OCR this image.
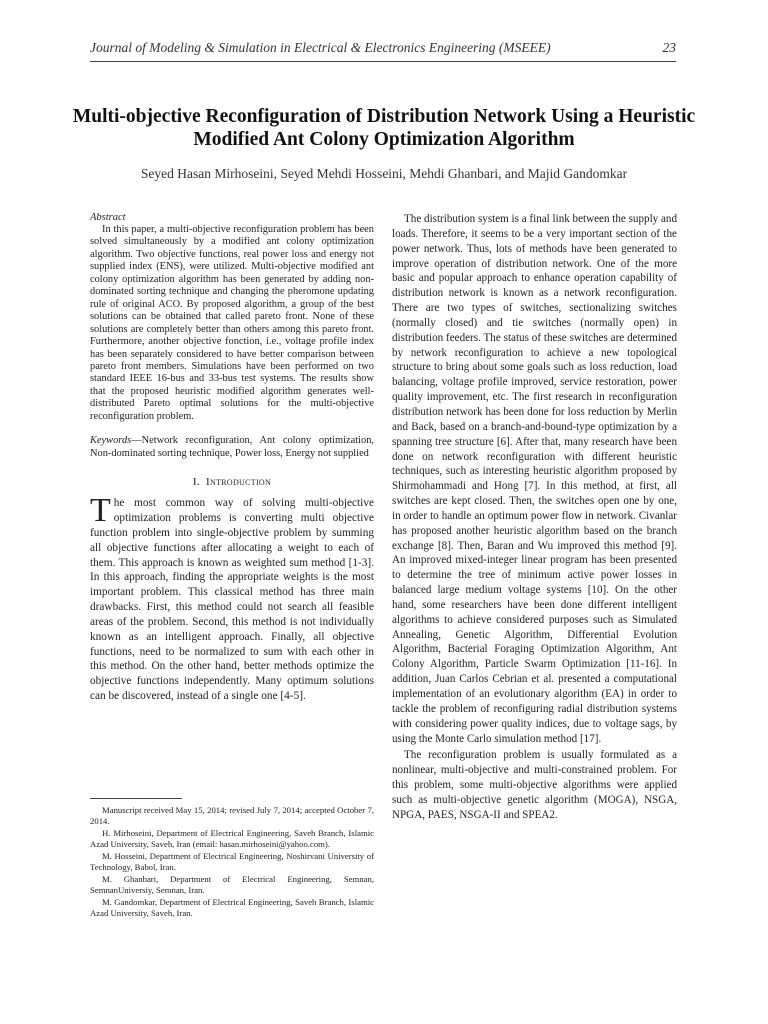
Journal of Modeling & Simulation in Electrical & Electronics Engineering (MSEEE)	23
Multi-objective Reconfiguration of Distribution Network Using a Heuristic Modified Ant Colony Optimization Algorithm
Seyed Hasan Mirhoseini, Seyed Mehdi Hosseini, Mehdi Ghanbari, and Majid Gandomkar
Abstract

In this paper, a multi-objective reconfiguration problem has been solved simultaneously by a modified ant colony optimization algorithm. Two objective functions, real power loss and energy not supplied index (ENS), were utilized. Multi-objective modified ant colony optimization algorithm has been generated by adding non-dominated sorting technique and changing the pheromone updating rule of original ACO. By proposed algorithm, a group of the best solutions can be obtained that called pareto front. None of these solutions are completely better than others among this pareto front. Furthermore, another objective fonction, i.e., voltage profile index has been separately considered to have better comparison between pareto front members. Simulations have been performed on two standard IEEE 16-bus and 33-bus test systems. The results show that the proposed heuristic modified algorithm generates well-distributed Pareto optimal solutions for the multi-objective reconfiguration problem.

Keywords—Network reconfiguration, Ant colony optimization, Non-dominated sorting technique, Power loss, Energy not supplied
I. Introduction

The most common way of solving multi-objective optimization problems is converting multi objective function problem into single-objective problem by summing all objective functions after allocating a weight to each of them. This approach is known as weighted sum method [1-3]. In this approach, finding the appropriate weights is the most important problem. This classical method has three main drawbacks. First, this method could not search all feasible areas of the problem. Second, this method is not individually known as an intelligent approach. Finally, all objective functions, need to be normalized to sum with each other in this method. On the other hand, better methods optimize the objective functions independently. Many optimum solutions can be discovered, instead of a single one [4-5].

Manuscript received May 15, 2014; revised July 7, 2014; accepted October 7, 2014.

H. Mirhoseini, Department of Electrical Engineering, Saveh Branch, Islamic Azad University, Saveh, Iran (email: hasan.mirhoseini@yahoo.com).

M. Hosseini, Department of Electrical Engineering, Noshirvani University of Technology, Babol, Iran.

M. Ghanbari, Department of Electrical Engineering, Semnan, SemnanUniversiy, Semnan, Iran.

M. Gandomkar, Department of Electrical Engineering, Saveh Branch, Islamic Azad University, Saveh, Iran.

The distribution system is a final link between the supply and loads. Therefore, it seems to be a very important section of the power network. Thus, lots of methods have been generated to improve operation of distribution network. One of the more basic and popular approach to enhance operation capability of distribution network is known as a network reconfiguration. There are two types of switches, sectionalizing switches (normally closed) and tie switches (normally open) in distribution feeders. The status of these switches are determined by network reconfiguration to achieve a new topological structure to bring about some goals such as loss reduction, load balancing, voltage profile improved, service restoration, power quality improvement, etc. The first research in reconfiguration distribution network has been done for loss reduction by Merlin and Back, based on a branch-and-bound-type optimization by a spanning tree structure [6]. After that, many research have been done on network reconfiguration with different heuristic techniques, such as interesting heuristic algorithm proposed by Shirmohammadi and Hong [7]. In this method, at first, all switches are kept closed. Then, the switches open one by one, in order to handle an optimum power flow in network. Civanlar has proposed another heuristic algorithm based on the branch exchange [8]. Then, Baran and Wu improved this method [9]. An improved mixed-integer linear program has been presented to determine the tree of minimum active power losses in balanced large medium voltage systems [10]. On the other hand, some researchers have been done different intelligent algorithms to achieve considered purposes such as Simulated Annealing, Genetic Algorithm, Differential Evolution Algorithm, Bacterial Foraging Optimization Algorithm, Ant Colony Algorithm, Particle Swarm Optimization [11-16]. In addition, Juan Carlos Cebrian et al. presented a computational implementation of an evolutionary algorithm (EA) in order to tackle the problem of reconfiguring radial distribution systems with considering power quality indices, due to voltage sags, by using the Monte Carlo simulation method [17].

The reconfiguration problem is usually formulated as a nonlinear, multi-objective and multi-constrained problem. For this problem, some multi-objective algorithms were applied such as multi-objective genetic algorithm (MOGA), NSGA, NPGA, PAES, NSGA-II and SPEA2.
